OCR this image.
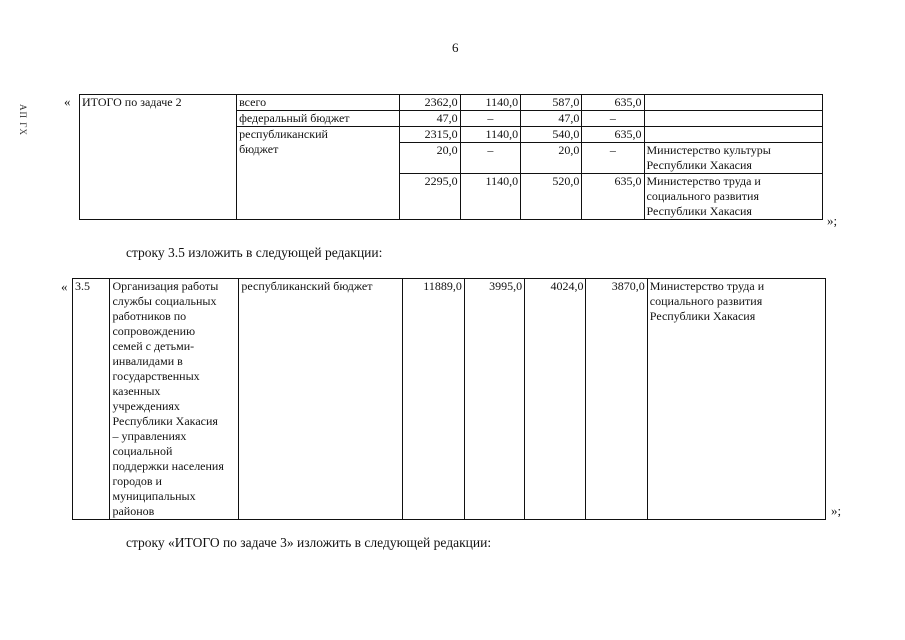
6
АП ГХ
« ИТОГО по задаче 2	всего	2362,0	1140,0	587,0	635,0	
	федеральный бюджет	47,0	–	47,0	–	
	республиканский
бюджет	2315,0	1140,0	540,0	635,0	
		20,0	–	20,0	–	Министерство культуры
Республики Хакасия
		2295,0	1140,0	520,0	635,0	Министерство труда и
социального развития
Республики Хакасия
»;
строку 3.5 изложить в следующей редакции:
« 3.5	Организация работы
службы социальных
работников по
сопровождению
семей с детьми-
инвалидами в
государственных
казенных
учреждениях
Республики Хакасия
– управлениях
социальной
поддержки населения
городов и
муниципальных
районов	республиканский бюджет	11889,0	3995,0	4024,0	3870,0	Министерство труда и
социального развития
Республики Хакасия
»;
строку «ИТОГО по задаче 3» изложить в следующей редакции:
